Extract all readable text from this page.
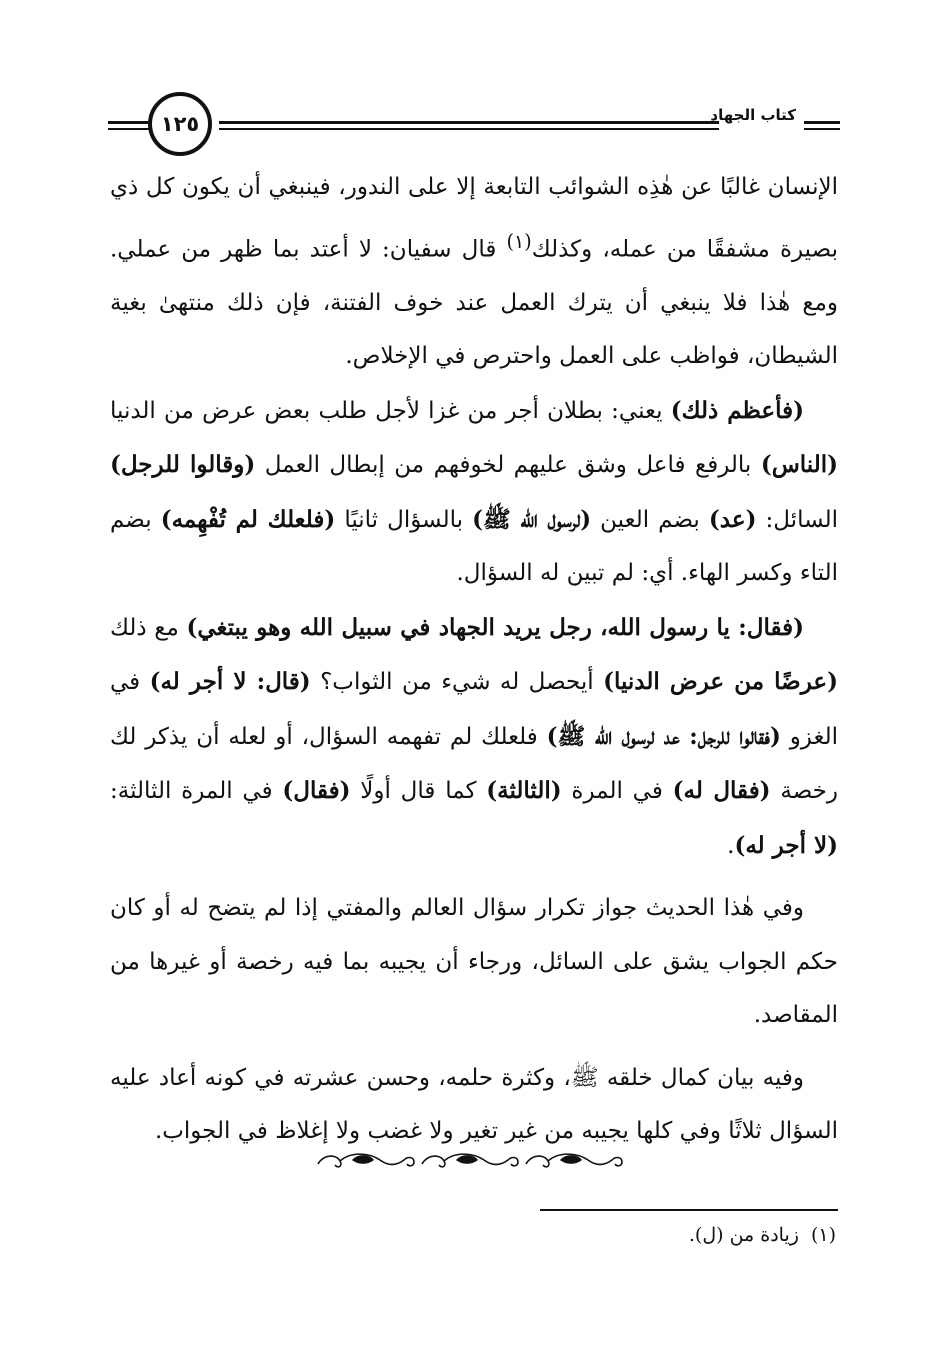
١٢٥	كتاب الجهاد

الإنسان غالبًا عن هٰذِه الشوائب التابعة إلا على الندور، فينبغي أن يكون كل ذي بصيرة مشفقًا من عمله، وكذلك$^{(١)}$ قال سفيان: لا أعتد بما ظهر من عملي. ومع هٰذا فلا ينبغي أن يترك العمل عند خوف الفتنة، فإن ذلك منتهىٰ بغية الشيطان، فواظب على العمل واحترص في الإخلاص.

(فأعظم ذلك) يعني: بطلان أجر من غزا لأجل طلب بعض عرض من الدنيا (الناس) بالرفع فاعل وشق عليهم لخوفهم من إبطال العمل (وقالوا للرجل) السائل: (عد) بضم العين (لرسول الله ﷺ) بالسؤال ثانيًا (فلعلك لم تُفْهِمه) بضم التاء وكسر الهاء. أي: لم تبين له السؤال.

(فقال: يا رسول الله، رجل يريد الجهاد في سبيل الله وهو يبتغي) مع ذلك (عرضًا من عرض الدنيا) أيحصل له شيء من الثواب؟ (قال: لا أجر له) في الغزو (فقالوا للرجل: عد لرسول الله ﷺ) فلعلك لم تفهمه السؤال، أو لعله أن يذكر لك رخصة (فقال له) في المرة (الثالثة) كما قال أولًا (فقال) في المرة الثالثة: (لا أجر له).

وفي هٰذا الحديث جواز تكرار سؤال العالم والمفتي إذا لم يتضح له أو كان حكم الجواب يشق على السائل، ورجاء أن يجيبه بما فيه رخصة أو غيرها من المقاصد.

وفيه بيان كمال خلقه ﷺ، وكثرة حلمه، وحسن عشرته في كونه أعاد عليه السؤال ثلاثًا وفي كلها يجيبه من غير تغير ولا غضب ولا إغلاظ في الجواب.

(١)زيادة من (ل).
